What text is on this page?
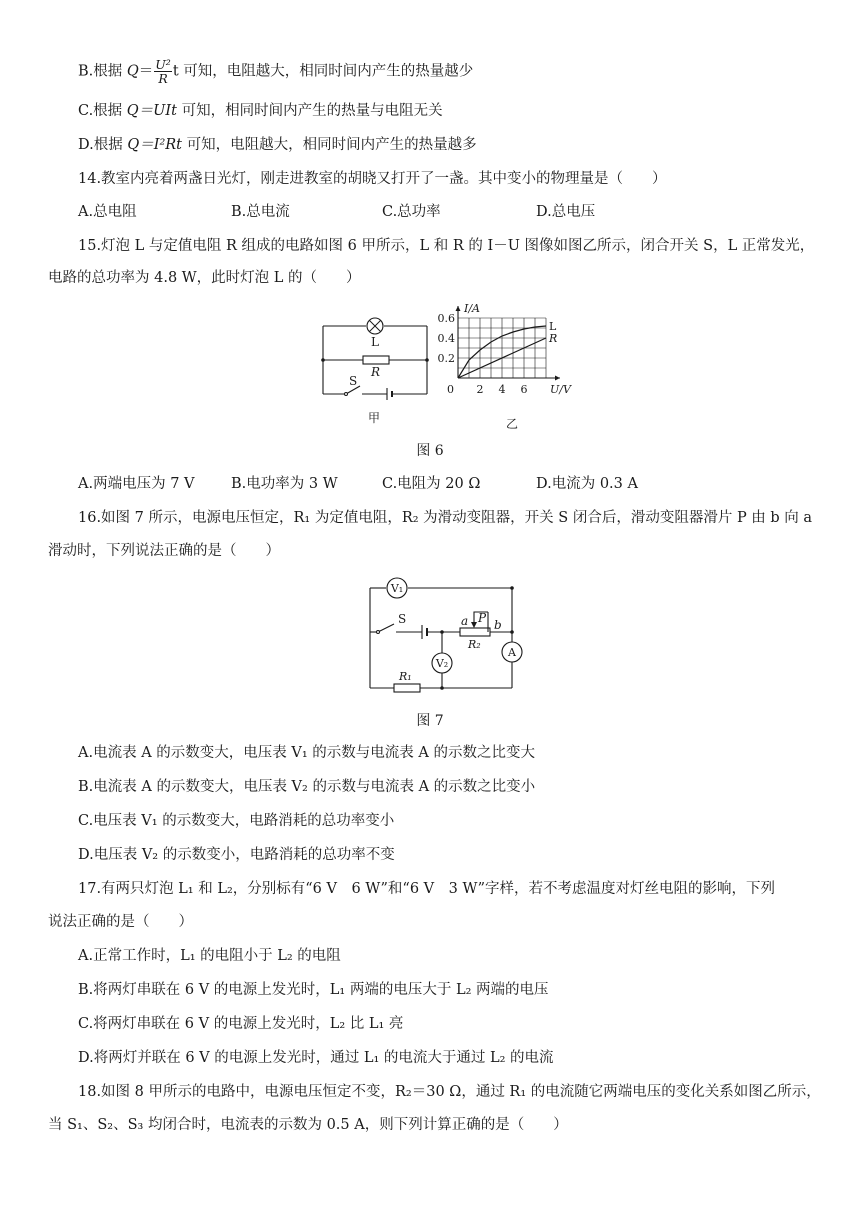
B.根据 $Q= \frac{\text{U²}}{R}$ t 可知，电阻越大，相同时间内产生的热量越少
C.根据 Q＝UIt 可知，相同时间内产生的热量与电阻无关
D.根据 Q＝I²Rt 可知，电阻越大，相同时间内产生的热量越多
14.教室内亮着两盏日光灯，刚走进教室的胡晓又打开了一盏。其中变小的物理量是（　　）
A.总电阻	B.总电流	C.总功率	D.总电压
15.灯泡 L 与定值电阻 R 组成的电路如图 6 甲所示，L 和 R 的 I－U 图像如图乙所示，闭合开关 S，L 正常发光，
电路的总功率为 4.8 W，此时灯泡 L 的（　　）
L
R
S
甲
L
R
0 2 4 6
0.2
0.4
0.6
U/V
I/A
乙
图 6
A.两端电压为 7 V	B.电功率为 3 W	C.电阻为 20 Ω	D.电流为 0.3 A
16.如图 7 所示，电源电压恒定，R₁ 为定值电阻，R₂ 为滑动变阻器，开关 S 闭合后，滑动变阻器滑片 P 由 b 向 a
滑动时，下列说法正确的是（　　）
V₁
V₂
A
S	P
a b
R₂
R₁
图 7
A.电流表 A 的示数变大，电压表 V₁ 的示数与电流表 A 的示数之比变大
B.电流表 A 的示数变大，电压表 V₂ 的示数与电流表 A 的示数之比变小
C.电压表 V₁ 的示数变大，电路消耗的总功率变小
D.电压表 V₂ 的示数变小，电路消耗的总功率不变
17.有两只灯泡 L₁ 和 L₂，分别标有“6 V　6 W”和“6 V　3 W”字样，若不考虑温度对灯丝电阻的影响，下列
说法正确的是（　　）
A.正常工作时，L₁ 的电阻小于 L₂ 的电阻
B.将两灯串联在 6 V 的电源上发光时，L₁ 两端的电压大于 L₂ 两端的电压
C.将两灯串联在 6 V 的电源上发光时，L₂ 比 L₁ 亮
D.将两灯并联在 6 V 的电源上发光时，通过 L₁ 的电流大于通过 L₂ 的电流
18.如图 8 甲所示的电路中，电源电压恒定不变，R₂＝30 Ω，通过 R₁ 的电流随它两端电压的变化关系如图乙所示，
当 S₁、S₂、S₃ 均闭合时，电流表的示数为 0.5 A，则下列计算正确的是（　　）
